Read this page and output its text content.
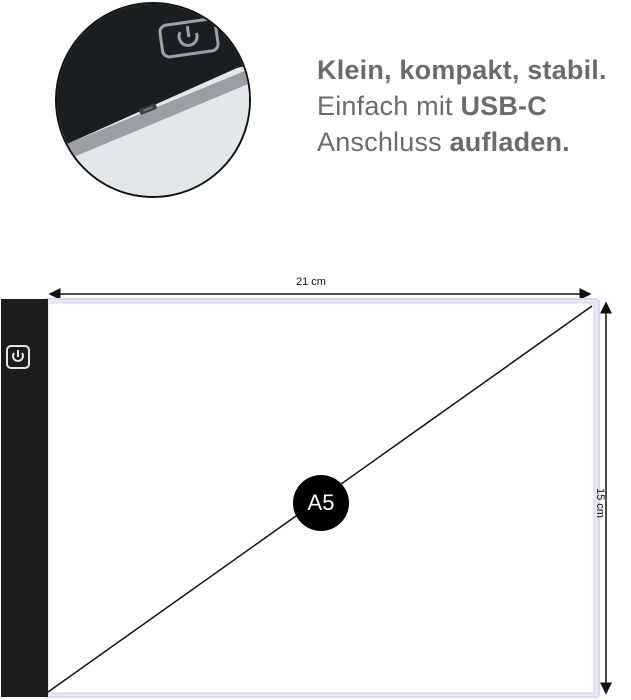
Klein, kompakt, stabil.
Einfach mit USB-C
Anschluss aufladen.
21 cm
15 cm
A5
